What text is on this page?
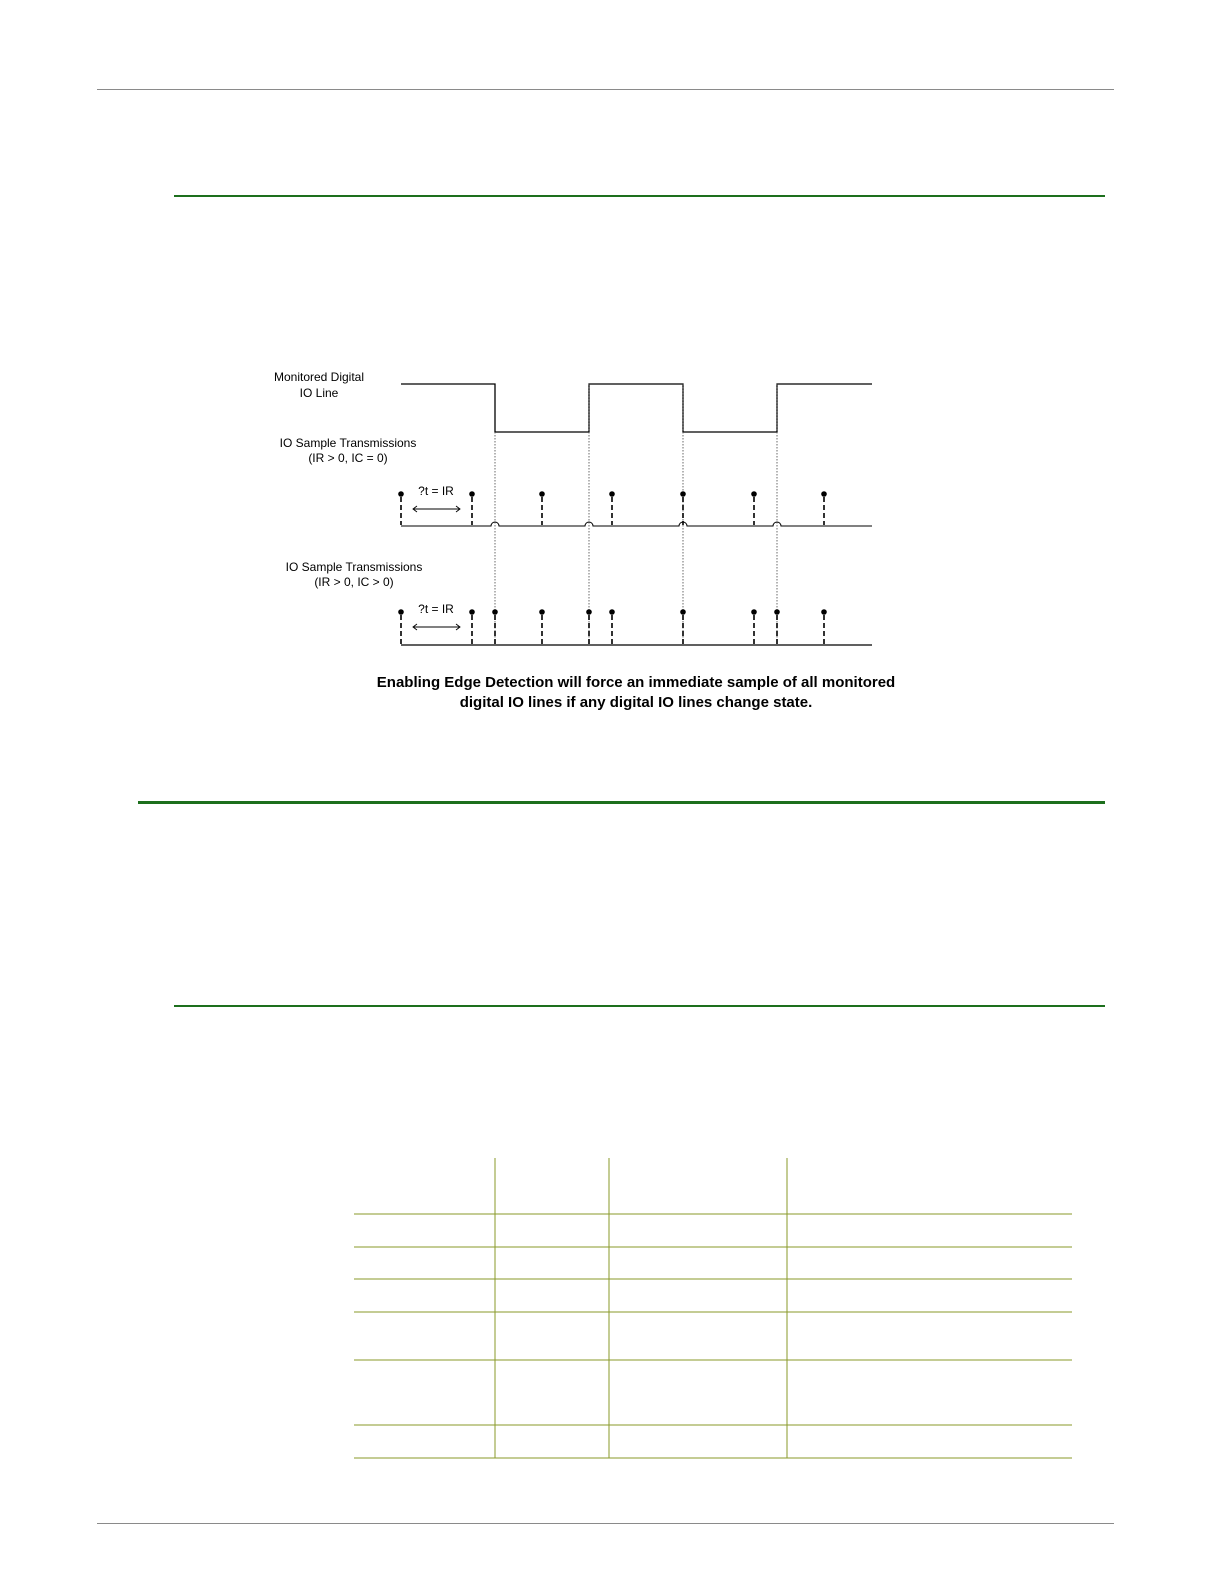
Monitored Digital
IO Line
IO Sample Transmissions
(IR > 0, IC = 0)
IO Sample Transmissions
(IR > 0, IC > 0)
?t = IR
?t = IR
Enabling Edge Detection will force an immediate sample of all monitored
digital IO lines if any digital IO lines change state.
